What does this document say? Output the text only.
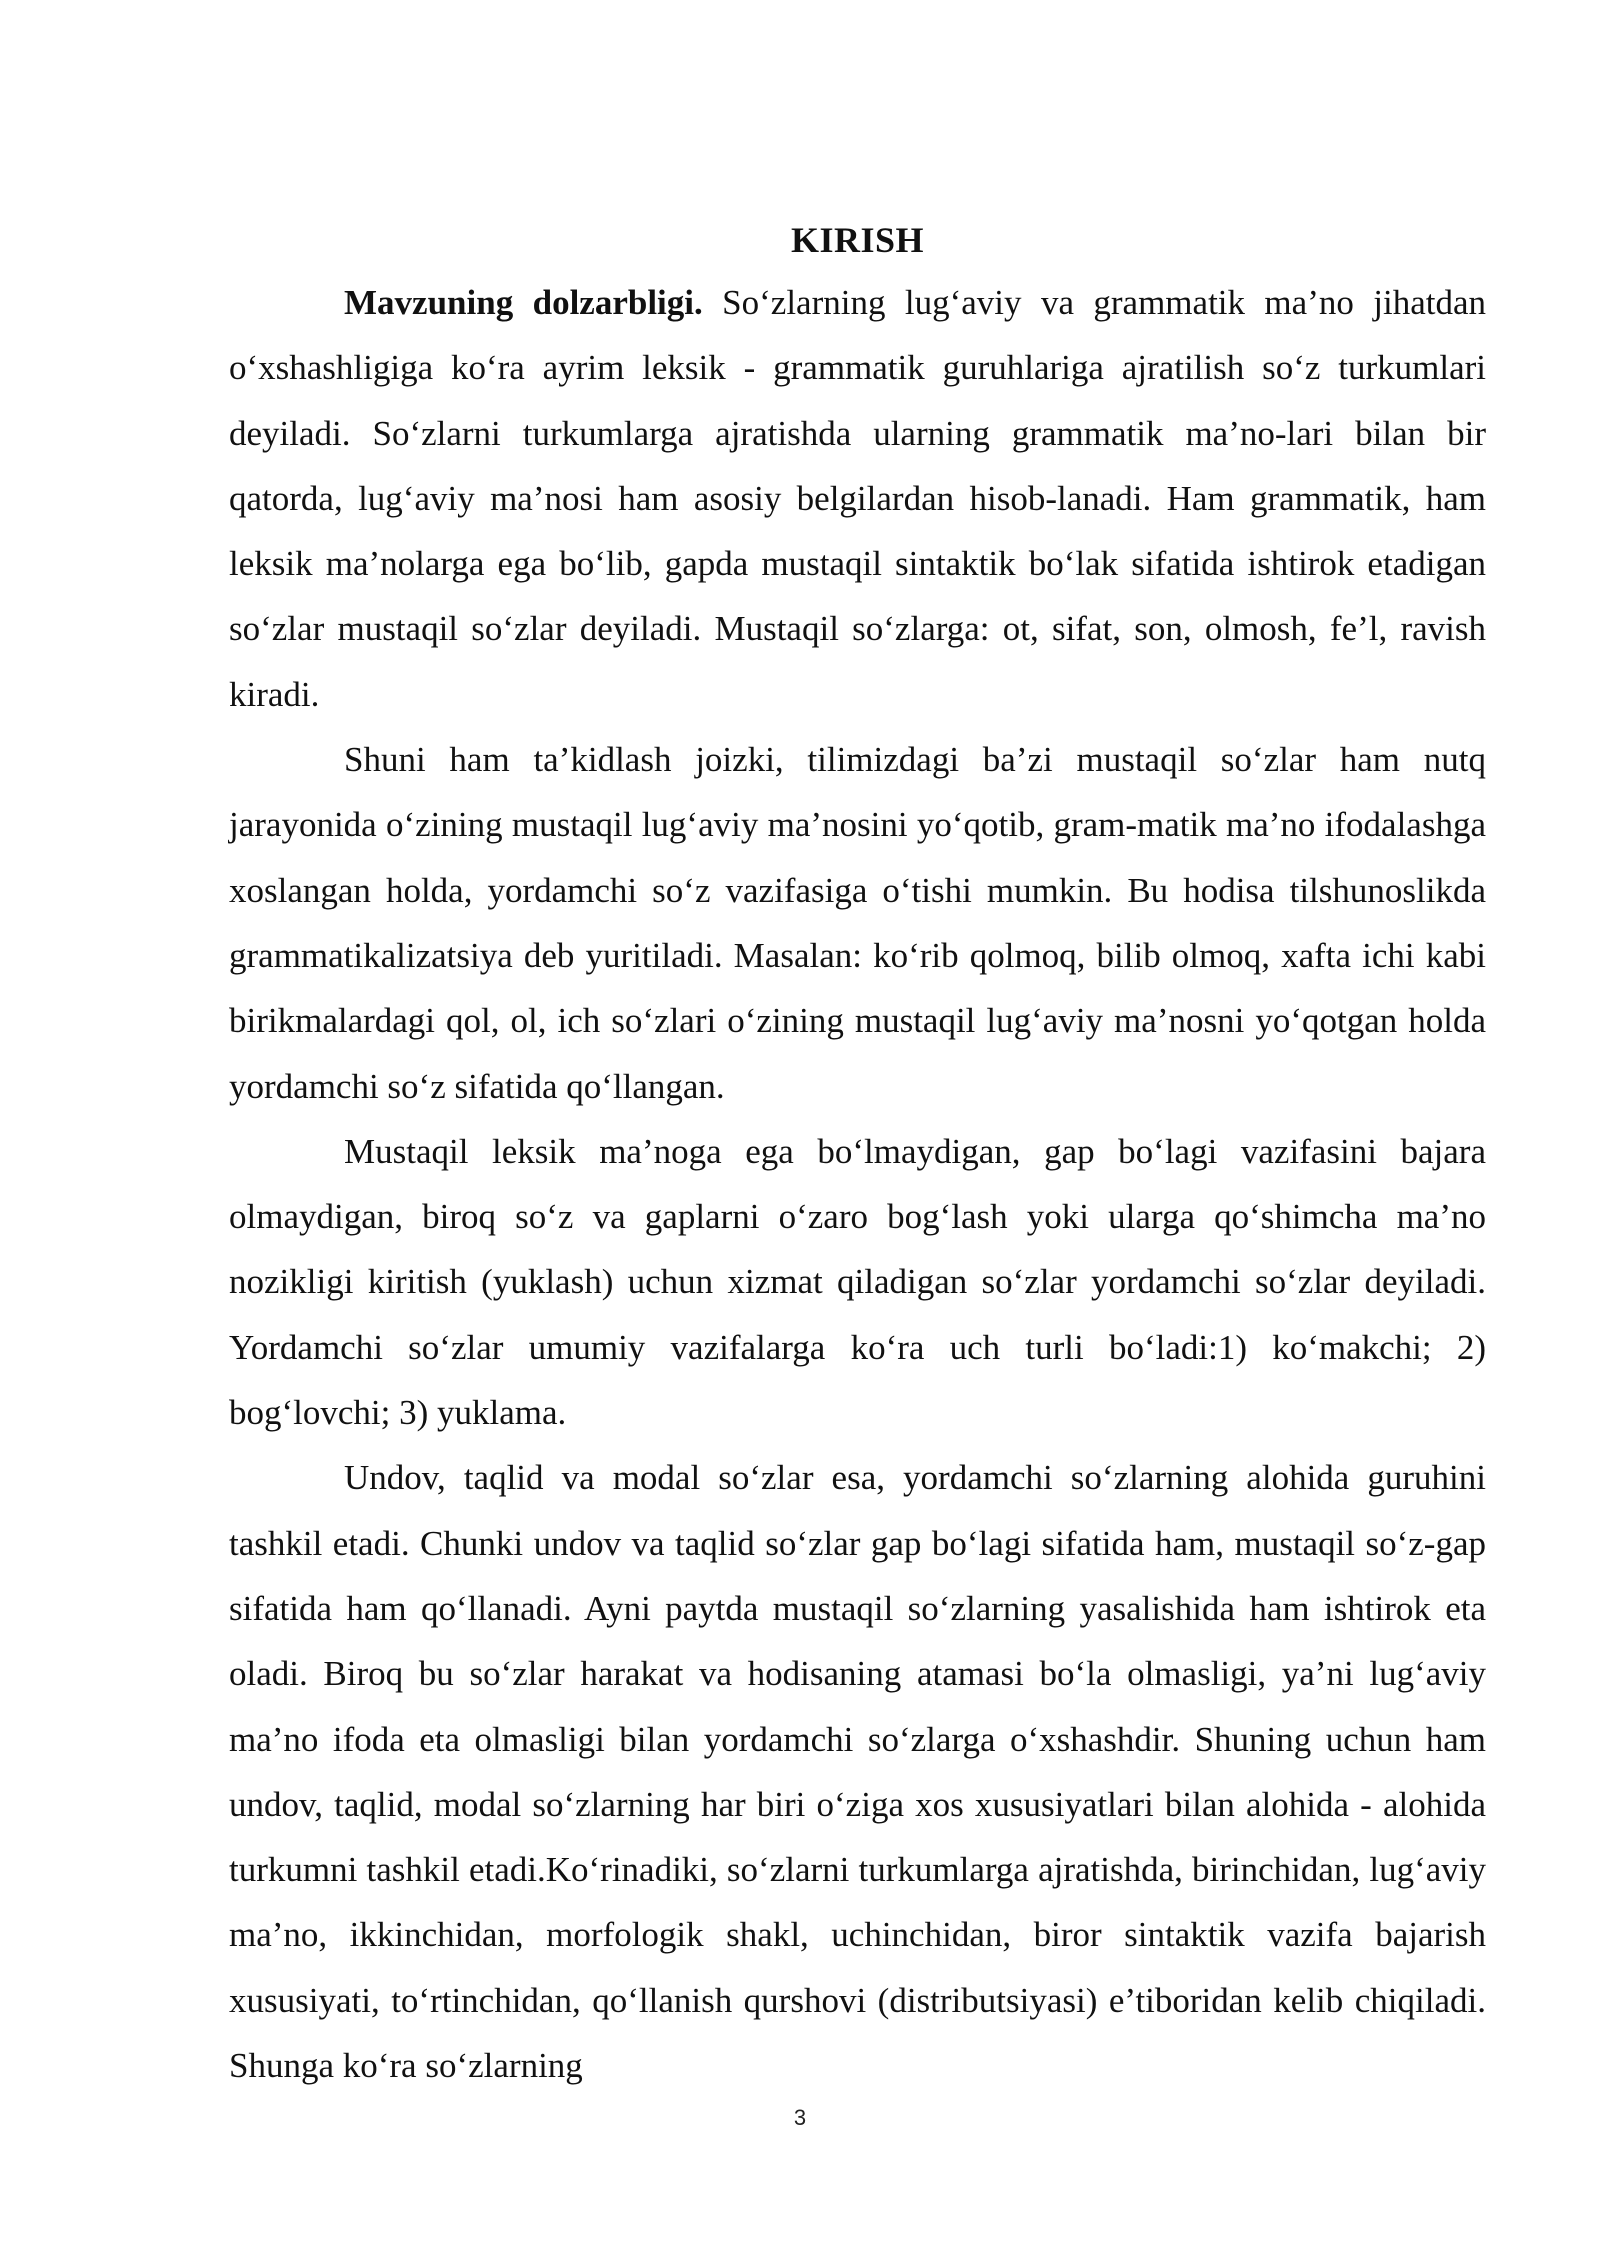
KIRISH

Mavzuning dolzarbligi. So‘zlarning lug‘aviy va grammatik ma’no jihatdan o‘xshashligiga ko‘ra ayrim leksik - grammatik guruhlariga ajratilish so‘z turkumlari deyiladi. So‘zlarni turkumlarga ajratishda ularning grammatik ma’no-lari bilan bir qatorda, lug‘aviy ma’nosi ham asosiy belgilardan hisob-lanadi. Ham grammatik, ham leksik ma’nolarga ega bo‘lib, gapda mustaqil sintaktik bo‘lak sifatida ishtirok etadigan so‘zlar mustaqil so‘zlar deyiladi. Mustaqil so‘zlarga: ot, sifat, son, olmosh, fe’l, ravish kiradi.

Shuni ham ta’kidlash joizki, tilimizdagi ba’zi mustaqil so‘zlar ham nutq jarayonida o‘zining mustaqil lug‘aviy ma’nosini yo‘qotib, gram-matik ma’no ifodalashga xoslangan holda, yordamchi so‘z vazifasiga o‘tishi mumkin. Bu hodisa tilshunoslikda grammatikalizatsiya deb yuritiladi. Masalan: ko‘rib qolmoq, bilib olmoq, xafta ichi kabi birikmalardagi qol, ol, ich so‘zlari o‘zining mustaqil lug‘aviy ma’nosni yo‘qotgan holda yordamchi so‘z sifatida qo‘llangan.

Mustaqil leksik ma’noga ega bo‘lmaydigan, gap bo‘lagi vazifasini bajara olmaydigan, biroq so‘z va gaplarni o‘zaro bog‘lash yoki ularga qo‘shimcha ma’no nozikligi kiritish (yuklash) uchun xizmat qiladigan so‘zlar yordamchi so‘zlar deyiladi. Yordamchi so‘zlar umumiy vazifalarga ko‘ra uch turli bo‘ladi:1) ko‘makchi; 2) bog‘lovchi; 3) yuklama.

Undov, taqlid va modal so‘zlar esa, yordamchi so‘zlarning alohida guruhini tashkil etadi. Chunki undov va taqlid so‘zlar gap bo‘lagi sifatida ham, mustaqil so‘z-gap sifatida ham qo‘llanadi. Ayni paytda mustaqil so‘zlarning yasalishida ham ishtirok eta oladi. Biroq bu so‘zlar harakat va hodisaning atamasi bo‘la olmasligi, ya’ni lug‘aviy ma’no ifoda eta olmasligi bilan yordamchi so‘zlarga o‘xshashdir. Shuning uchun ham undov, taqlid, modal so‘zlarning har biri o‘ziga xos xususiyatlari bilan alohida - alohida turkumni tashkil etadi.Ko‘rinadiki, so‘zlarni turkumlarga ajratishda, birinchidan, lug‘aviy ma’no, ikkinchidan, morfologik shakl, uchinchidan, biror sintaktik vazifa bajarish xususiyati, to‘rtinchidan, qo‘llanish qurshovi (distributsiyasi) e’tiboridan kelib chiqiladi. Shunga ko‘ra so‘zlarning

3
